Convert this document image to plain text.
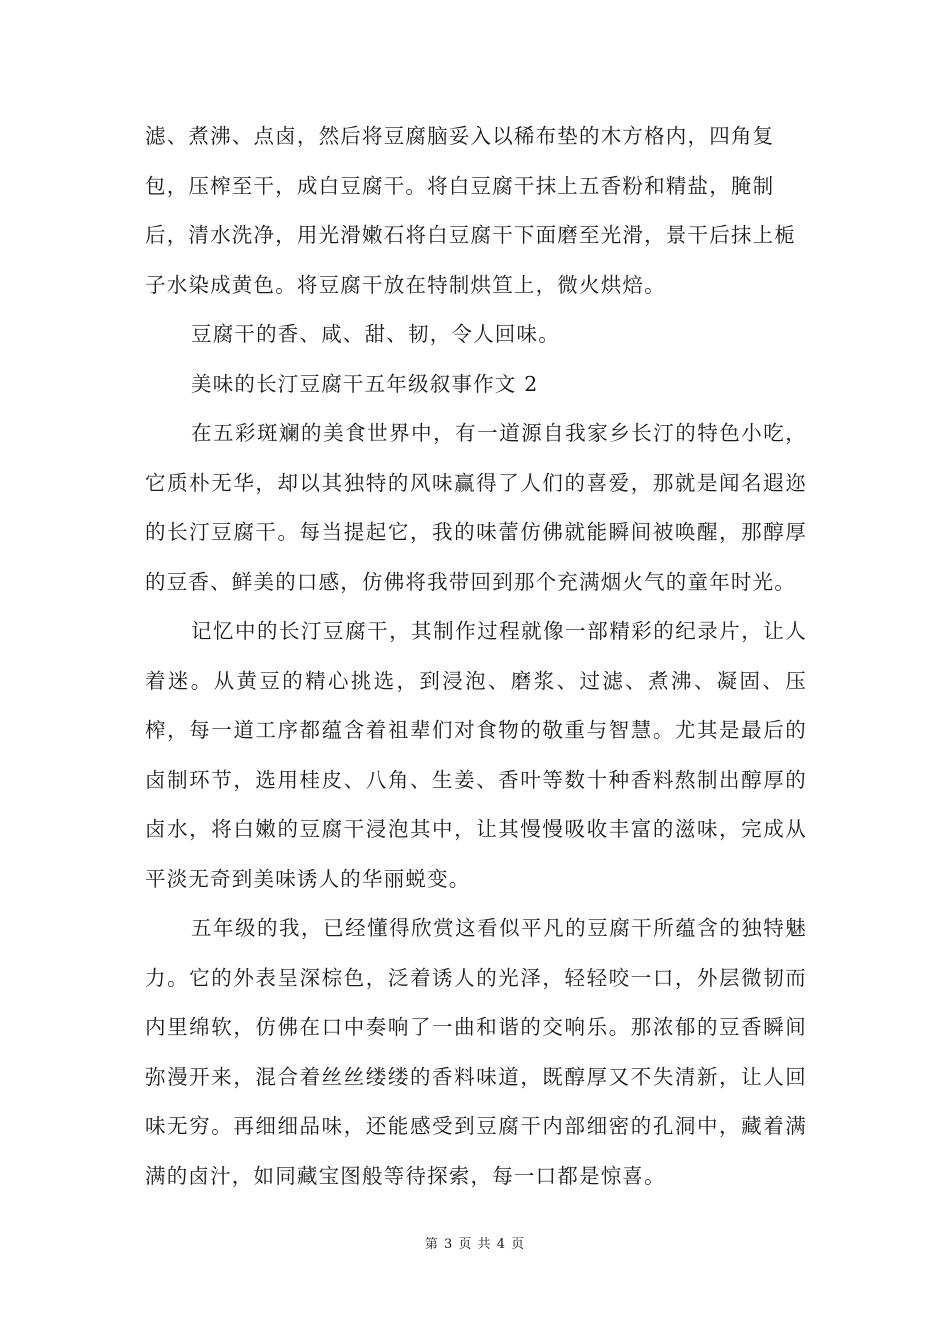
滤、煮沸、点卤，然后将豆腐脑妥入以稀布垫的木方格内，四角复包，压榨至干，成白豆腐干。将白豆腐干抹上五香粉和精盐，腌制后，清水洗净，用光滑嫩石将白豆腐干下面磨至光滑，景干后抹上栀子水染成黄色。将豆腐干放在特制烘笪上，微火烘焙。

豆腐干的香、咸、甜、韧，令人回味。

美味的长汀豆腐干五年级叙事作文 2

在五彩斑斓的美食世界中，有一道源自我家乡长汀的特色小吃，它质朴无华，却以其独特的风味赢得了人们的喜爱，那就是闻名遐迩的长汀豆腐干。每当提起它，我的味蕾仿佛就能瞬间被唤醒，那醇厚的豆香、鲜美的口感，仿佛将我带回到那个充满烟火气的童年时光。

记忆中的长汀豆腐干，其制作过程就像一部精彩的纪录片，让人着迷。从黄豆的精心挑选，到浸泡、磨浆、过滤、煮沸、凝固、压榨，每一道工序都蕴含着祖辈们对食物的敬重与智慧。尤其是最后的卤制环节，选用桂皮、八角、生姜、香叶等数十种香料熬制出醇厚的卤水，将白嫩的豆腐干浸泡其中，让其慢慢吸收丰富的滋味，完成从平淡无奇到美味诱人的华丽蜕变。

五年级的我，已经懂得欣赏这看似平凡的豆腐干所蕴含的独特魅力。它的外表呈深棕色，泛着诱人的光泽，轻轻咬一口，外层微韧而内里绵软，仿佛在口中奏响了一曲和谐的交响乐。那浓郁的豆香瞬间弥漫开来，混合着丝丝缕缕的香料味道，既醇厚又不失清新，让人回味无穷。再细细品味，还能感受到豆腐干内部细密的孔洞中，藏着满满的卤汁，如同藏宝图般等待探索，每一口都是惊喜。

第 3 页 共 4 页
